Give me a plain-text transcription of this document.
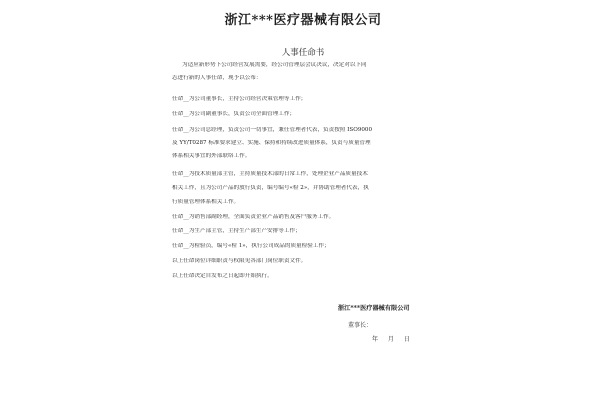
浙江***医疗器械有限公司
人事任命书
为适应新形势下公司经营发展需要，经公司管理层会议决议，决定对以下同
志进行新的人事任命，现予以公布：
任命__为公司董事长，主持公司经营决策管理等工作；
任命__为公司副董事长，负责公司全面管理工作；
任命__为公司总经理，负责公司一切事宜，兼任管理者代表，负责按照 ISO9000
及 YY/T0287 标准要求建立、实施、保持和持续改进质量体系，负责与质量管理
体系相关事宜的外部联络工作。
任命__为技术质量部主管，主持质量技术部的日常工作，处理企业产品质量技术
相关工作，且为公司产品的放行负责，编号编号«检 2»，并协助管理者代表，执
行质量管理体系相关工作。
任命__为销售部副经理，全面负责企业产品销售及客户服务工作。
任命__为生产部主管，主持生产部生产安排等工作；
任命__为检验员，编号«检 1»，执行公司成品的质量检验工作；
以上任命岗位详细职责与权限见各部门岗位职责文件。
以上任命决定自发布之日起即开始执行。
浙江***医疗器械有限公司
董事长：
年 月 日
